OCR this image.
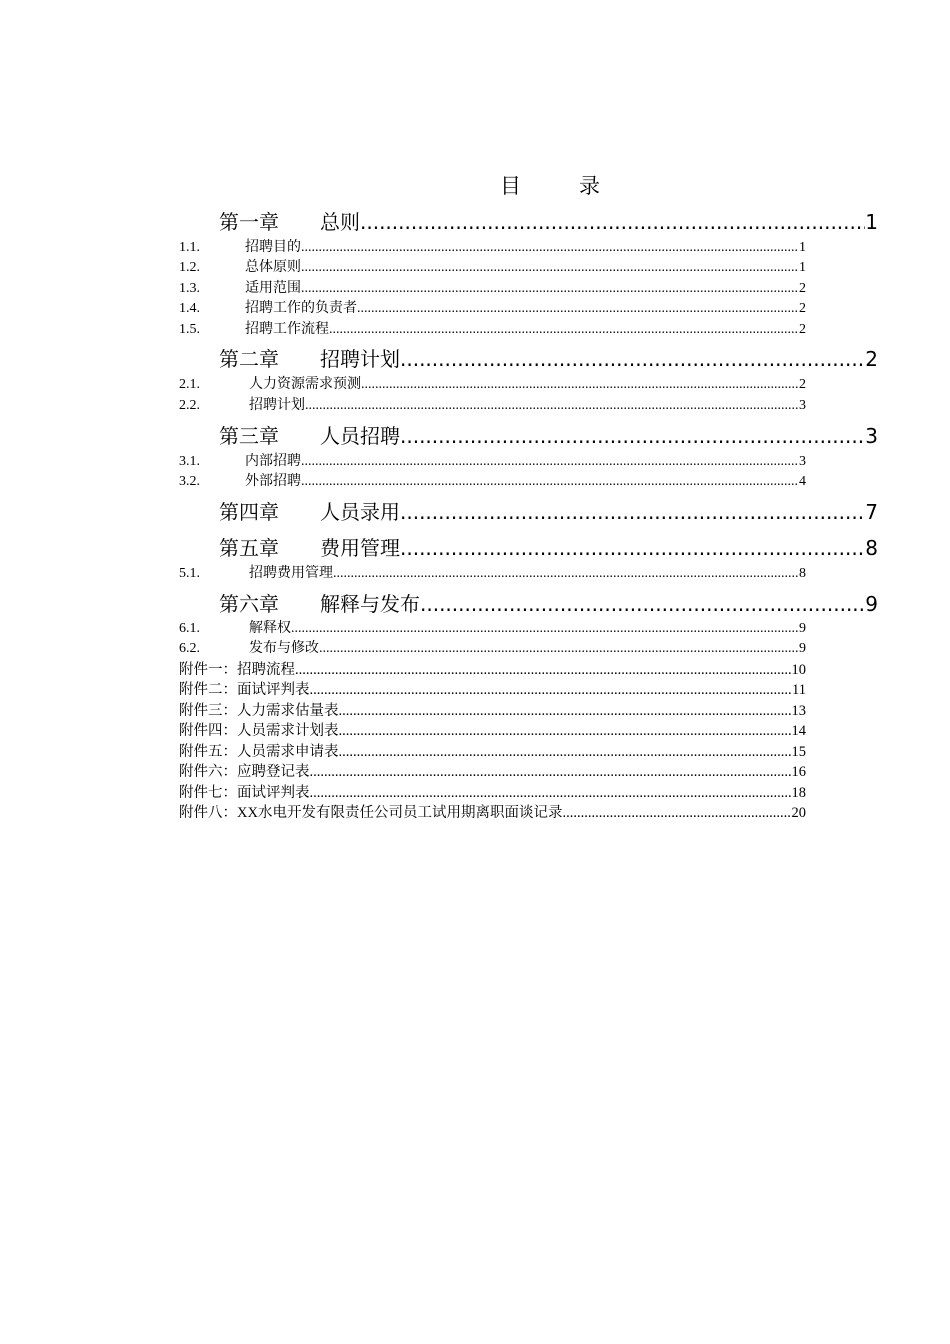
目	录
第一章	总则 .....	1
1.1.	招聘目的 .....	1
1.2.	总体原则 .....	1
1.3.	适用范围 .....	2
1.4.	招聘工作的负责者 .....	2
1.5.	招聘工作流程 .....	2
第二章	招聘计划 .....	2
2.1.	人力资源需求预测 .....	2
2.2.	招聘计划 .....	3
第三章	人员招聘 .....	3
3.1.	内部招聘 .....	3
3.2.	外部招聘 .....	4
第四章	人员录用 .....	7
第五章	费用管理 .....	8
5.1.	招聘费用管理 .....	8
第六章	解释与发布 .....	9
6.1.	解释权 .....	9
6.2.	发布与修改 .....	9
附件一：招聘流程 .....	10
附件二：面试评判表 .....	11
附件三：人力需求估量表 .....	13
附件四：人员需求计划表 .....	14
附件五：人员需求申请表 .....	15
附件六：应聘登记表 .....	16
附件七：面试评判表 .....	18
附件八：XX水电开发有限责任公司员工试用期离职面谈记录 .....	20
